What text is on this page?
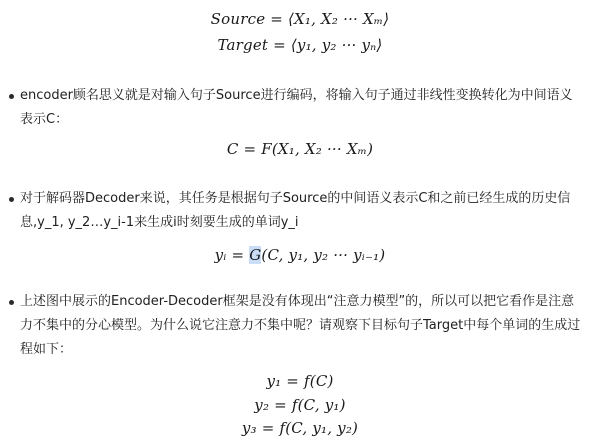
Source = ⟨X₁, X₂ ··· Xₘ⟩
Target = ⟨y₁, y₂ ··· yₙ⟩
encoder顾名思义就是对输入句子Source进行编码，将输入句子通过非线性变换转化为中间语义表示C：
C = F(X₁, X₂ ··· Xₘ)
对于解码器Decoder来说，其任务是根据句子Source的中间语义表示C和之前已经生成的历史信息,y_1, y_2…y_i-1来生成i时刻要生成的单词y_i
yᵢ = G(C, y₁, y₂ ··· yᵢ₋₁)
上述图中展示的Encoder-Decoder框架是没有体现出“注意力模型”的，所以可以把它看作是注意力不集中的分心模型。为什么说它注意力不集中呢？请观察下目标句子Target中每个单词的生成过程如下：
y₁ = f(C)
y₂ = f(C, y₁)
y₃ = f(C, y₁, y₂)
